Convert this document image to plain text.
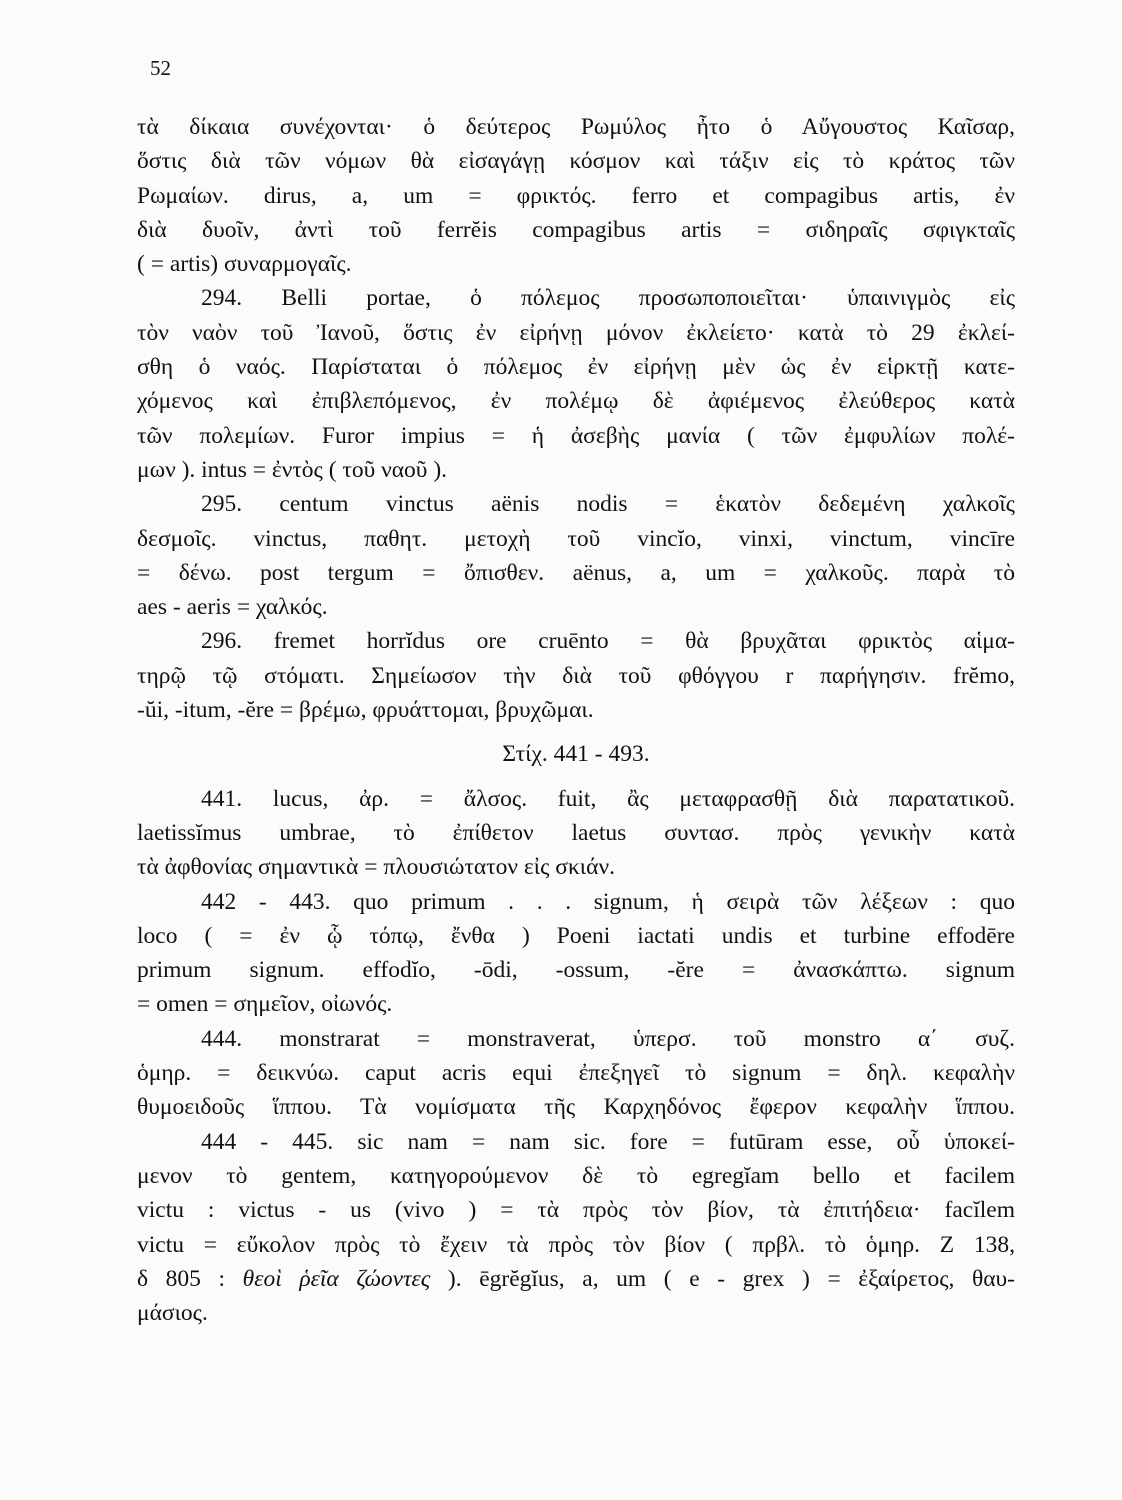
52
τὰ δίκαια συνέχονται· ὁ δεύτερος Ρωμύλος ἦτο ὁ Αὔγουστος Καῖσαρ,
ὅστις διὰ τῶν νόμων θὰ εἰσαγάγῃ κόσμον καὶ τάξιν εἰς τὸ κράτος τῶν
Ρωμαίων. dirus, a, um = φρικτός. ferro et compagibus artis, ἐν
διὰ δυοῖν, ἀντὶ τοῦ ferrĕis compagibus artis = σιδηραῖς σφιγκταῖς
( = artis) συναρμογαῖς.
294. Belli portae, ὁ πόλεμος προσωποποιεῖται· ὑπαινιγμὸς εἰς
τὸν ναὸν τοῦ Ἰανοῦ, ὅστις ἐν εἰρήνῃ μόνον ἐκλείετο· κατὰ τὸ 29 ἐκλεί-
σθη ὁ ναός. Παρίσταται ὁ πόλεμος ἐν εἰρήνῃ μὲν ὡς ἐν εἱρκτῇ κατε-
χόμενος καὶ ἐπιβλεπόμενος, ἐν πολέμῳ δὲ ἀφιέμενος ἐλεύθερος κατὰ
τῶν πολεμίων. Furor impius = ἡ ἀσεβὴς μανία ( τῶν ἐμφυλίων πολέ-
μων ). intus = ἐντὸς ( τοῦ ναοῦ ).
295. centum vinctus aënis nodis = ἑκατὸν δεδεμένη χαλκοῖς
δεσμοῖς. vinctus, παθητ. μετοχὴ τοῦ vincĭo, vinxi, vinctum, vincīre
= δένω. post tergum = ὄπισθεν. aënus, a, um = χαλκοῦς. παρὰ τὸ
aes - aeris = χαλκός.
296. fremet horrĭdus ore cruēnto = θὰ βρυχᾶται φρικτὸς αἱμα-
τηρῷ τῷ στόματι. Σημείωσον τὴν διὰ τοῦ φθόγγου r παρήγησιν. frĕmo,
-ŭi, -itum, -ĕre = βρέμω, φρυάττομαι, βρυχῶμαι.
Στίχ. 441 - 493.
441. lucus, ἀρ. = ἄλσος. fuit, ἂς μεταφρασθῇ διὰ παρατατικοῦ.
laetissĭmus umbrae, τὸ ἐπίθετον laetus συντασ. πρὸς γενικὴν κατὰ
τὰ ἀφθονίας σημαντικὰ = πλουσιώτατον εἰς σκιάν.
442 - 443. quo primum . . . signum, ἡ σειρὰ τῶν λέξεων : quo
loco ( = ἐν ᾧ τόπῳ, ἔνθα ) Poeni iactati undis et turbine effodēre
primum signum. effodĭo, -ōdi, -ossum, -ĕre = ἀνασκάπτω. signum
= omen = σημεῖον, οἰωνός.
444. monstrarat = monstraverat, ὑπερσ. τοῦ monstro α΄ συζ.
ὁμηρ. = δεικνύω. caput acris equi ἐπεξηγεῖ τὸ signum = δηλ. κεφαλὴν
θυμοειδοῦς ἵππου. Τὰ νομίσματα τῆς Καρχηδόνος ἔφερον κεφαλὴν ἵππου.
444 - 445. sic nam = nam sic. fore = futūram esse, οὗ ὑποκεί-
μενον τὸ gentem, κατηγορούμενον δὲ τὸ egregĭam bello et facilem
victu : victus - us (vivo ) = τὰ πρὸς τὸν βίον, τὰ ἐπιτήδεια· facĭlem
victu = εὔκολον πρὸς τὸ ἔχειν τὰ πρὸς τὸν βίον ( πρβλ. τὸ ὁμηρ. Ζ 138,
δ 805 : θεοὶ ῥεῖα ζώοντες ). ēgrĕgĭus, a, um ( e - grex ) = ἐξαίρετος, θαυ-
μάσιος.
